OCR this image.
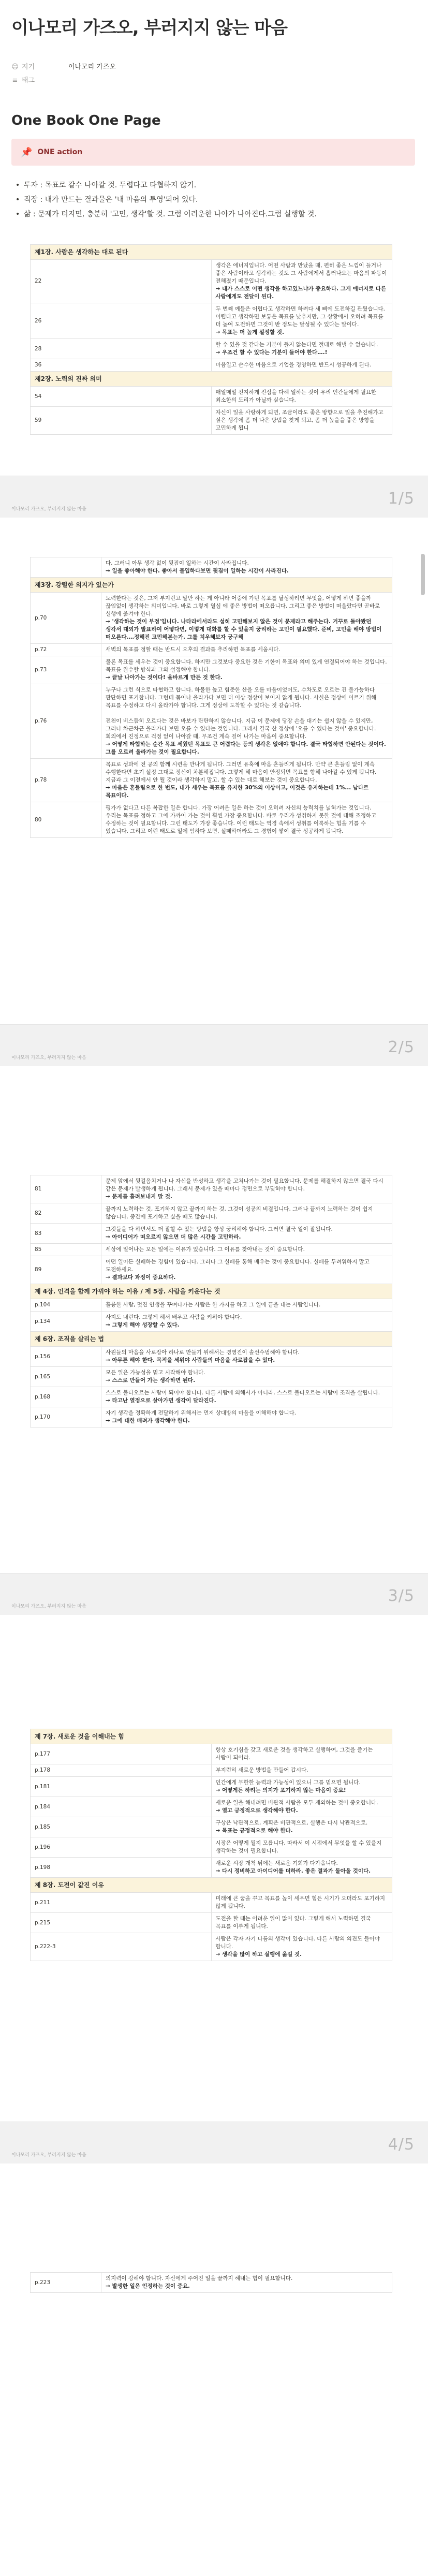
이나모리 가즈오, 부러지지 않는 마음
☺ 지기	이나모리 가즈오
≡ 태그
One Book One Page
📌 ONE action
• 투자 : 목표로 갈수 나아갈 것. 두렵다고 타협하지 않기.
• 직장 : 내가 만드는 결과물은 '내 마음의 투영'되어 있다.
• 삶 : 문제가 터지면, 충분히 '고민, 생각'할 것. 그럼 어려운한 나아가 나아진다.그럼 실행할 것.
제1장. 사람은 생각하는 대로 된다	
22	생각은 에너지입니다. 어떤 사람과 만났을 때, 편히 좋은 느낌이 들거나 좋은 사람이라고 생각하는 것도 그 사람에게서 흘러나오는 마음의 파동이 전해졌기 때문입니다.
→ 내가 스스로 어떤 생각을 하고있느냐가 중요하다. 그게 에너지로 다른 사람에게도 전달이 된다.

26	두 번째 예들은 어렵다고 생각하면 하려다 새 삐에 도전하길 관뒀습니다. 어렵다고 생각하면 보통은 목표를 낮추지만, 그 상황에서 오히려 목표를 더 높여 도전하면 그것이 반 정도는 달성될 수 있다는 말이다.
→ 목표는 더 높게 설정할 것.

28	할 수 있을 것 같다는 기분이 들지 않는다면 절대로 해낼 수 없습니다.
→ 우조건 할 수 있다는 기분이 들어야 한다….!

36	마음일고 순수한 마음으로 기업을 경영하면 반드시 성공하게 된다.
제2장. 노력의 진짜 의미	
54	매일매일 진지하게 진심을 다해 일하는 것이 우리 인간들에게 필요한 최소한의 도리가 아닐까 싶습니다.
59	자신이 일을 사랑하게 되면, 조금이라도 좋은 방향으로 일을 추진해가고 싶은 생각에 좀 더 나은 방법을 찾게 되고, 좀 더 높을을 좋은 방향을 고민하게 됩니
이나모리 가즈오, 부러지지 않는 마음
1/5
	다. 그러니 아무 생각 없이 뒷짐이 일하는 시간이 사라집니다.
→ 일을 좋아해야 한다. 좋아서 몰입하다보면 뒷짐이 일하는 시간이 사라진다.

제3장. 강렬한 의지가 있는가	
p.70	노력한다는 것은, 그저 부지런고 말만 하는 게 아니라 어중에 가던 목표를 달성하려면 무엇을, 어떻게 하면 좋을까 끊임없이 생각하는 의미입니다. 바로 그렇게 열심 에 좋은 방법이 떠오릅니다. 그리고 좋은 방법이 떠올랐다면 곧바로 실행에 옮겨야 한다.
→ '생각하는 것이 부정'입니다. 나타라에서라도 섬히 고민해보지 않은 것이 문제라고 해주는다. 거꾸로 돌아봤던 생각서 대외가 발표하여 어떻다면, 이렇게 대화를 할 수 있을지 궁리하는 고민이 필요했다. 준비, 고민을 해야 방법이 떠오른다.…정해진 고민해본는가. 그를 치우해보자 궁구해

p.72	새벽의 목표를 정할 때는 반드시 오후의 결과를 추리하면 목표를 세웁시다.
p.73	물론 목표를 세우는 것이 중요합니다. 하지만 그것보다 중요한 것은 기한이 목표와 의미 있게 연결되어야 하는 것입니다. 목표를 완수할 방식과 그와 설정해야 합니다.
→ 끝날 나아가는 것이다! 올바르게 만든 것 한다.

p.76	누구나 그런 식으로 타협하고 합니다. 하물한 높고 험준한 산을 오를 마음이었어도, 수차도로 오르는 건 불가능하다 판단하면 포기합니다. 그런데 몸이나 올라가다 보면 더 이상 정상이 보이지 않게 됩니다. 사실은 정상에 이르기 위해 목표를 수정하고 다시 올라가야 합니다. 그게 정상에 도착할 수 있다는 것 같습니다.

전천이 비스듬히 오르다는 것은 바보가 탄탄하지 않습니다. 지금 이 문제에 당장 손을 대기는 쉽지 않을 수 있지만, 그러나 차근차근 올라가다 보면 오를 수 있다는 것입니다. 그래서 결국 산 정상에 '오를 수 있다는 것이' 중요합니다. 회의에서 진정으로 걱정 없이 나아갈 때, 무조건 계속 걸어 나가는 마음이 중요합니다.
→ 어떻게 타협하는 순간 목표 세웠던 목표도 큰 어렵다는 등의 생각은 없애야 합니다. 결국 타협하면 안된다는 것이다. 그를 오르려 올라가는 것이 필요합니다.

p.78	목표로 성과에 전 공의 함께 시련을 만나게 됩니다. 그러면 유혹에 마음 흔들리게 됩니다. 만약 큰 흔들림 없이 계속 수행한다면 초기 설정 그대로 정신이 차분해집니다. 그렇게 해 마음이 안정되면 목표를 향해 나아갈 수 있게 됩니다. 지금과 그 이전에서 안 될 것이라 생각하지 말고, 할 수 있는 대로 해보는 것이 중요합니다.
→ 마음은 흔들림으로 한 번도, 내가 세우는 목표를 유지한 30%의 이상이고, 이것은 유지하는데 1%... 남다르 목표이다.

80	평가가 없다고 다른 복잡한 일은 합니다. 가장 어려운 일은 하는 것이 오히려 자신의 능력치를 넓혀가는 것입니다. 우리는 목표를 정하고 그에 가까이 가는 것이 훨씬 가장 중요합니다. 바로 우리가 성취하지 못한 것에 대해 조정하고 수정하는 것이 필요합니다. 그런 태도가 가장 좋습니다. 이런 태도는 역경 속에서 성취를 이룩하는 힘을 기를 수 있습니다. 그리고 이런 태도로 일에 임하다 보면, 실패하더라도 그 경험이 쌓여 결국 성공하게 됩니다.
이나모리 가즈오, 부러지지 않는 마음
2/5
81	문제 앞에서 뒷걸음치거나 나 자신을 반성하고 생각을 고쳐나가는 것이 필요합니다. 문제를 해결하지 않으면 결국 다시 같은 문제가 발생하게 됩니다. 그래서 문제가 있을 때마다 정면으로 부딪혀야 합니다.
→ 문제를 흘려보내지 말 것.

82	끝까지 노력하는 것, 포기하지 않고 끝까지 하는 것. 그것이 성공의 비결입니다. 그러나 끝까지 노력하는 것이 쉽지 않습니다. 중간에 포기하고 싶을 때도 많습니다.
83	그것들을 다 하면서도 더 잘할 수 있는 방법을 항상 궁리해야 합니다. 그러면 결국 일이 잘됩니다.
→ 아이디어가 떠오르지 않으면 더 많은 시간을 고민하라.

85	세상에 일어나는 모든 일에는 이유가 있습니다. 그 이유를 찾아내는 것이 중요합니다.
89	어떤 일이든 실패하는 경험이 있습니다. 그러나 그 실패를 통해 배우는 것이 중요합니다. 실패를 두려워하지 말고 도전하세요.
→ 결과보다 과정이 중요하다.

제 4장. 인격을 함께 가꿔야 하는 이유 / 제 5장. 사람을 키운다는 것	
p.104	훌륭한 사람, 멋진 인생을 꾸며나가는 사람은 한 가지를 하고 그 일에 끝을 내는 사람입니다.
p.134	사지도 내린다. 그렇게 해서 배우고 사람을 키워야 합니다.
→ 그렇게 해야 성장할 수 있다.

제 6장. 조직을 살리는 법	
p.156	사원들의 마음을 사로잡아 하나로 만들기 위해서는 경영진이 솔선수범해야 합니다.
→ 아무튼 해야 한다. 목적을 세워야 사람들의 마음을 사로잡을 수 있다.

p.165	모든 일은 가능성을 믿고 시작해야 합니다.
→ 스스로 만들어 가는 생각하면 된다.

p.168	스스로 불타오르는 사람이 되어야 합니다. 다른 사람에 의해서가 아니라, 스스로 불타오르는 사람이 조직을 살립니다.
→ 타고난 열정으로 살아가면 생각이 달라진다.

p.170	자기 생각을 정확하게 전달하기 위해서는 먼저 상대방의 마음을 이해해야 합니다.
→ 그에 대한 배려가 생각해야 한다.
이나모리 가즈오, 부러지지 않는 마음
3/5
제 7장. 새로운 것을 이해내는 힘	
p.177	항상 호기심을 갖고 새로운 것을 생각하고 실행하여, 그것을 즐기는 사람이 되어라.
p.178	부지런히 새로운 방법을 만들어 갑시다.
p.181	인간에게 무한한 능력과 가능성이 있으니 그를 믿으면 됩니다.
→ 어떻게든 하려는 의지가 포기하지 않는 마음이 중요!

p.184	새로운 일을 해내려면 비관적 사람을 모두 제외하는 것이 중요합니다.
→ 열고 긍정적으로 생각해야 한다.

p.185	구상은 낙관적으로, 계획은 비관적으로, 실행은 다시 낙관적으로.
→ 목표는 긍정적으로 해야 한다.

p.196	시장은 어떻게 될지 모릅니다. 따라서 이 시점에서 무엇을 할 수 있을지 생각하는 것이 필요합니다.
p.198	새로운 시장 개척 뒤에는 새로운 기회가 다가옵니다.
→ 다시 정비하고 아이디어를 더하라. 좋은 결과가 돌아올 것이다.

제 8장. 도전이 값진 이유	
p.211	미래에 큰 꿈을 꾸고 목표를 높이 세우면 힘든 시기가 오더라도 포기하지 않게 됩니다.
p.215	도전을 할 때는 어려운 일이 많이 있다. 그렇게 해서 노력하면 결국 목표를 이루게 됩니다.
p.222-3	사람은 각자 자기 나름의 생각이 있습니다. 다른 사람의 의견도 들어야 합니다.
→ 생각을 많이 하고 실행에 옮길 것.
이나모리 가즈오, 부러지지 않는 마음
4/5
p.223	의지력이 강해야 합니다. 자신에게 주어진 일을 끝까지 해내는 힘이 필요합니다.
→ 발생한 일은 인정하는 것이 중요.
